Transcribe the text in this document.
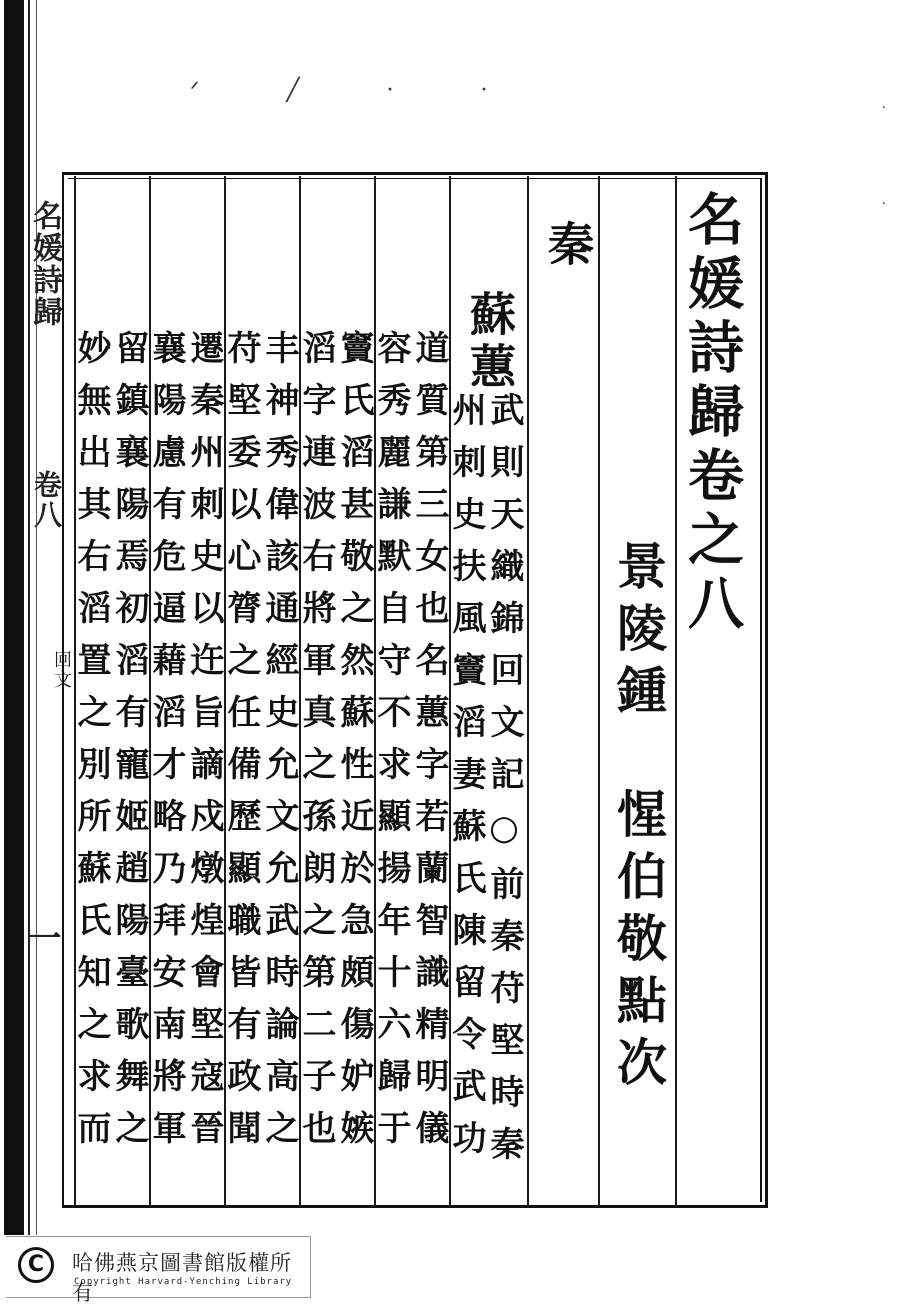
ᐟ ╱ · ·
·

·
名媛詩歸
卷八
回文
一
名媛詩歸卷之八
景陵鍾　惺伯敬點次
秦
蘇蕙
武則天織錦回文記○前秦苻堅時秦
州刺史扶風竇滔妻蘇氏陳留令武功
道質第三女也名蕙字若蘭智識精明儀
容秀麗謙默自守不求顯揚年十六歸于
竇氏滔甚敬之然蘇性近於急頗傷妒嫉
滔字連波右將軍真之孫朗之第二子也
丰神秀偉該通經史允文允武時論高之
苻堅委以心膂之任備歷顯職皆有政聞
遷秦州刺史以迕旨謫戍燉煌會堅寇晉
襄陽慮有危逼藉滔才略乃拜安南將軍
留鎮襄陽焉初滔有寵姬趙陽臺歌舞之
妙無出其右滔置之別所蘇氏知之求而
C	哈佛燕京圖書館版權所有
Copyright Harvard-Yenching Library
